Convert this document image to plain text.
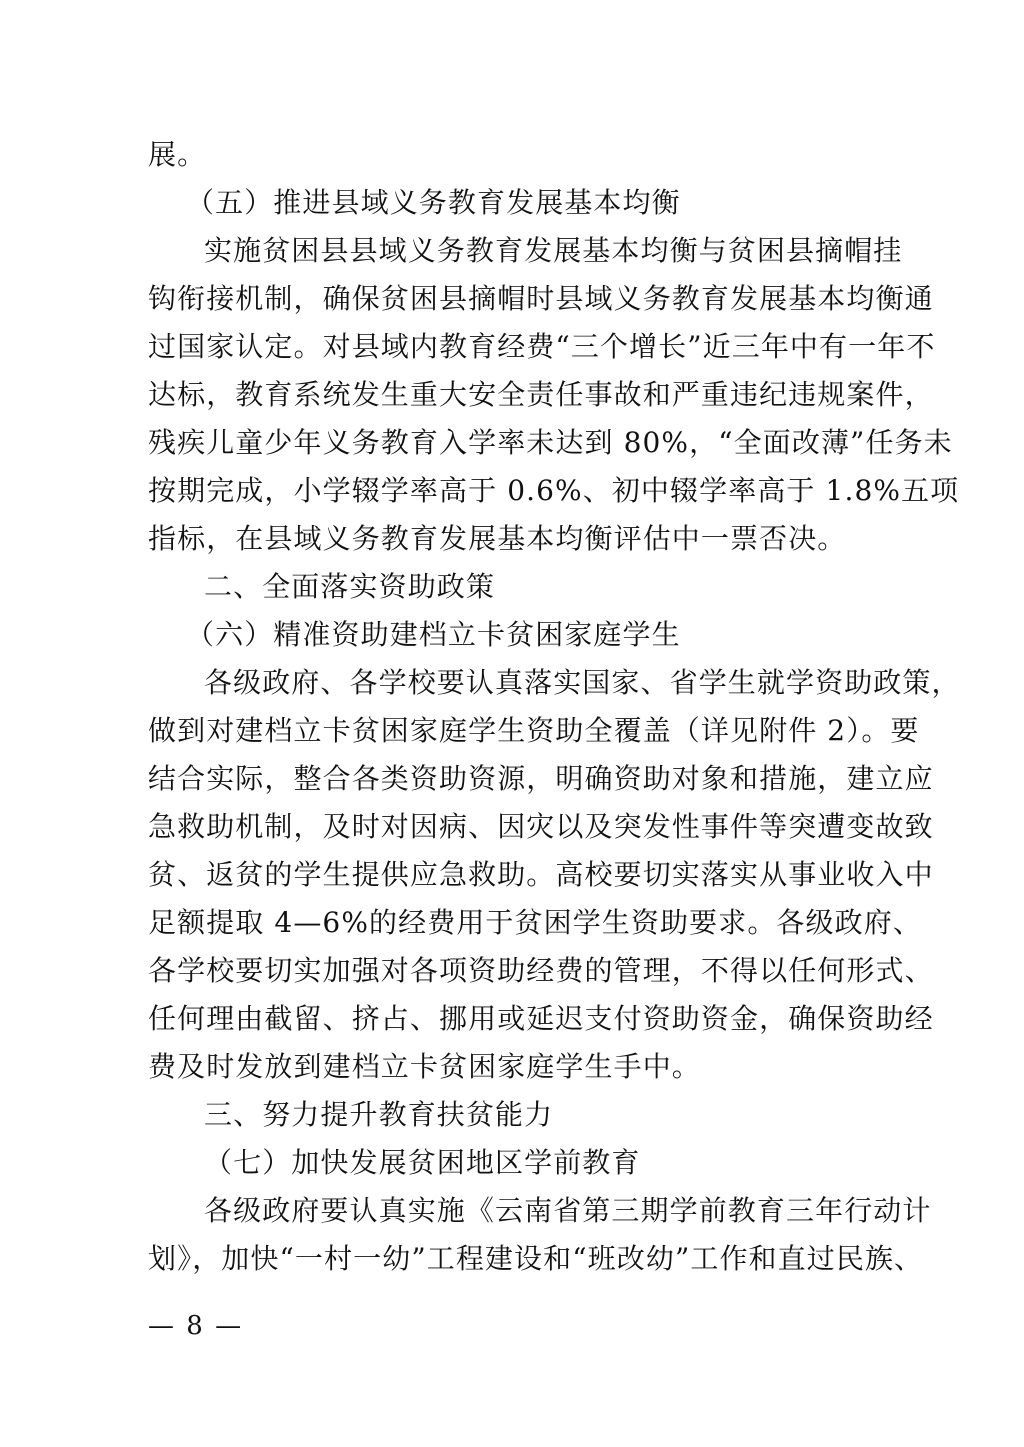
展。
（五）推进县域义务教育发展基本均衡
实施贫困县县域义务教育发展基本均衡与贫困县摘帽挂
钩衔接机制，确保贫困县摘帽时县域义务教育发展基本均衡通
过国家认定。对县域内教育经费“三个增长”近三年中有一年不
达标，教育系统发生重大安全责任事故和严重违纪违规案件，
残疾儿童少年义务教育入学率未达到 80%，“全面改薄”任务未
按期完成，小学辍学率高于 0.6%、初中辍学率高于 1.8%五项
指标，在县域义务教育发展基本均衡评估中一票否决。
二、全面落实资助政策
（六）精准资助建档立卡贫困家庭学生
各级政府、各学校要认真落实国家、省学生就学资助政策，
做到对建档立卡贫困家庭学生资助全覆盖（详见附件 2）。要
结合实际，整合各类资助资源，明确资助对象和措施，建立应
急救助机制，及时对因病、因灾以及突发性事件等突遭变故致
贫、返贫的学生提供应急救助。高校要切实落实从事业收入中
足额提取 4—6%的经费用于贫困学生资助要求。各级政府、
各学校要切实加强对各项资助经费的管理，不得以任何形式、
任何理由截留、挤占、挪用或延迟支付资助资金，确保资助经
费及时发放到建档立卡贫困家庭学生手中。
三、努力提升教育扶贫能力
（七）加快发展贫困地区学前教育
各级政府要认真实施《云南省第三期学前教育三年行动计
划》，加快“一村一幼”工程建设和“班改幼”工作和直过民族、
— 8 —
